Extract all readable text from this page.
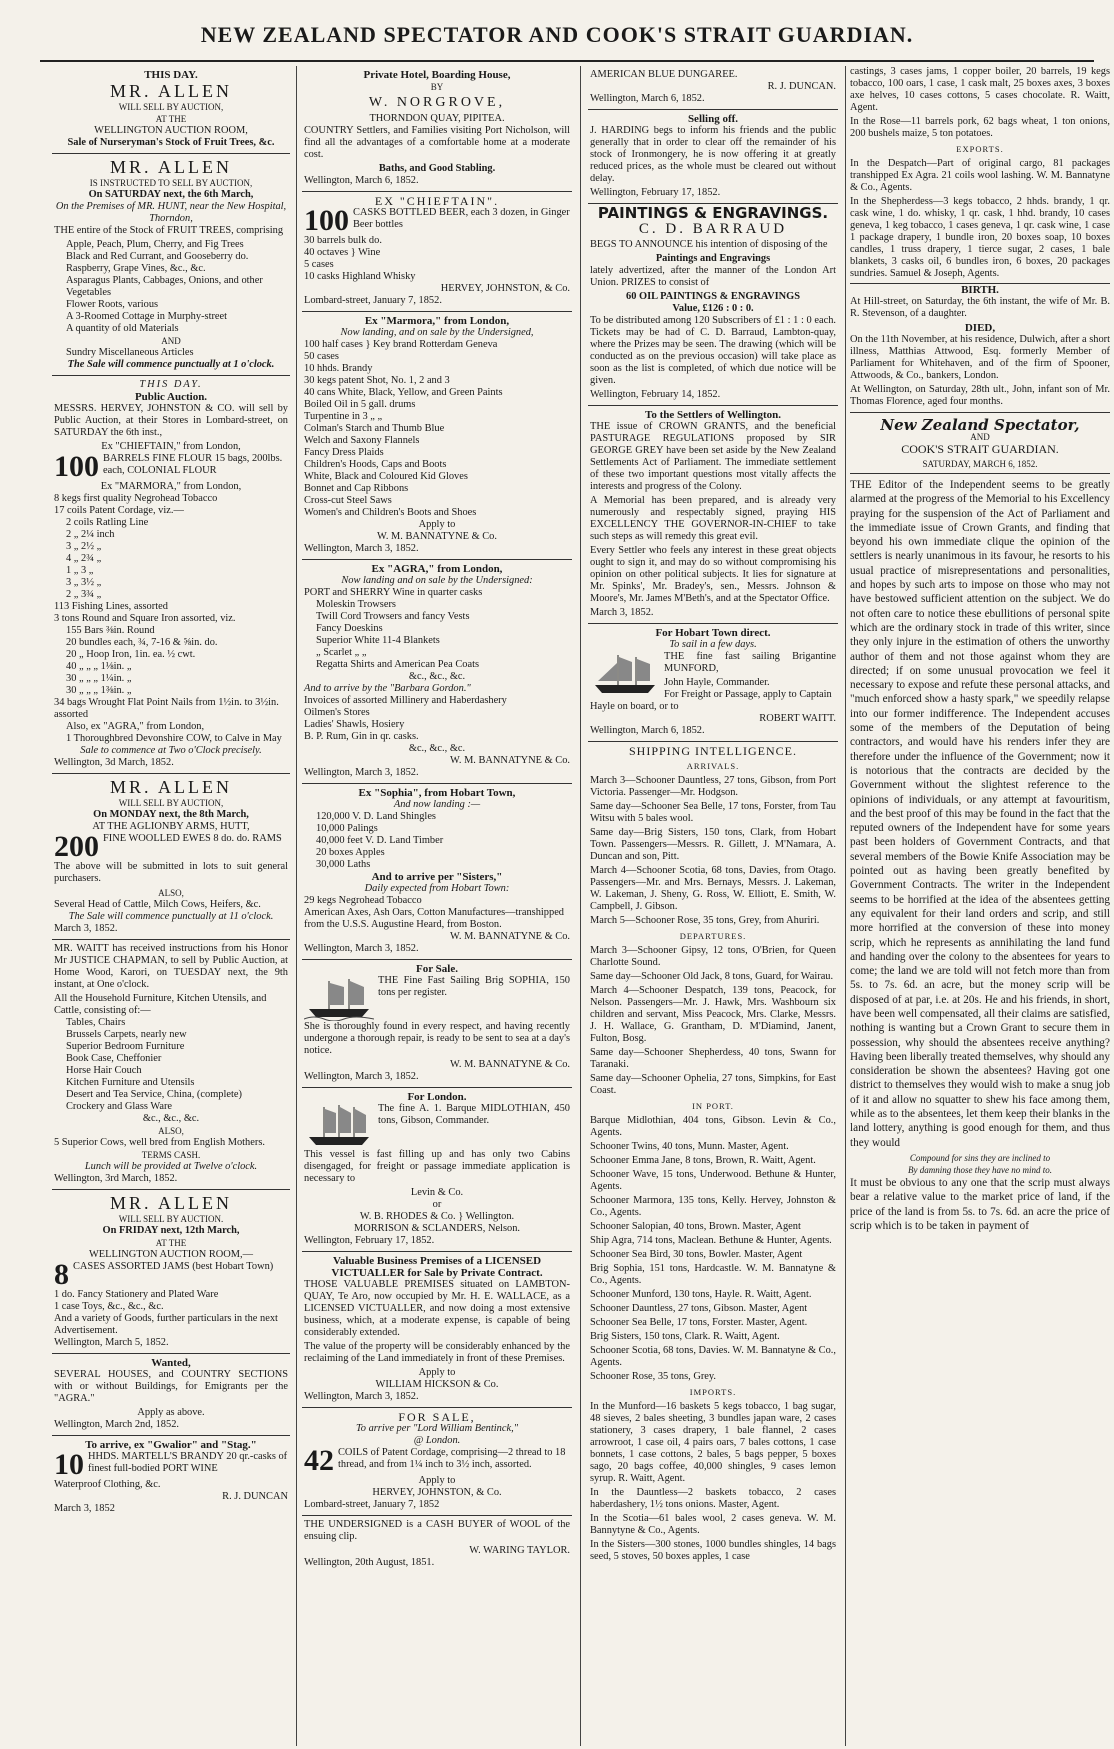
NEW ZEALAND SPECTATOR AND COOK'S STRAIT GUARDIAN.
THIS DAY.
MR. ALLEN
WILL SELL BY AUCTION,
AT THE
WELLINGTON AUCTION ROOM,
Sale of Nurseryman's Stock of Fruit Trees, &c.
MR. ALLEN
IS INSTRUCTED TO SELL BY AUCTION,
On SATURDAY next, the 6th March,
On the Premises of MR. HUNT, near the New Hospital, Thorndon,

THE entire of the Stock of FRUIT TREES, comprising

Apple, Peach, Plum, Cherry, and Fig Trees
Black and Red Currant, and Gooseberry do.
Raspberry, Grape Vines, &c., &c.
Asparagus Plants, Cabbages, Onions, and other Vegetables
Flower Roots, various
A 3-Roomed Cottage in Murphy-street
A quantity of old Materials
AND
Sundry Miscellaneous Articles
The Sale will commence punctually at 1 o'clock.
THIS DAY.
Public Auction.

MESSRS. HERVEY, JOHNSTON & CO. will sell by Public Auction, at their Stores in Lombard-street, on SATURDAY the 6th inst.,

Ex "CHIEFTAIN," from London,
100 BARRELS FINE FLOUR 15 bags, 200lbs. each, COLONIAL FLOUR
Ex "MARMORA," from London,
8 kegs first quality Negrohead Tobacco
17 coils Patent Cordage, viz.—
2 coils Ratling Line
2 „ 2¼ inch
3 „ 2½ „
4 „ 2¾ „
1 „ 3 „
3 „ 3½ „
2 „ 3¾ „
113 Fishing Lines, assorted
3 tons Round and Square Iron assorted, viz.
155 Bars ⅜in. Round
20 bundles each, ¾, 7-16 & ⅝in. do.
20 „ Hoop Iron, 1in. ea. ½ cwt.
40 „ „ „ 1⅛in. „
30 „ „ „ 1¼in. „
30 „ „ „ 1⅜in. „
34 bags Wrought Flat Point Nails from 1½in. to 3½in. assorted
Also, ex "AGRA," from London,
1 Thoroughbred Devonshire COW, to Calve in May
Sale to commence at Two o'Clock precisely.
Wellington, 3d March, 1852.
MR. ALLEN
WILL SELL BY AUCTION,
On MONDAY next, the 8th March,
AT THE AGLIONBY ARMS, HUTT,
200 FINE WOOLLED EWES 8 do. do. RAMS

The above will be submitted in lots to suit general purchasers.

ALSO,
Several Head of Cattle, Milch Cows, Heifers, &c.
The Sale will commence punctually at 11 o'clock.
March 3, 1852.

MR. WAITT has received instructions from his Honor Mr JUSTICE CHAPMAN, to sell by Public Auction, at Home Wood, Karori, on TUESDAY next, the 9th instant, at One o'clock.

All the Household Furniture, Kitchen Utensils, and Cattle, consisting of:—
Tables, Chairs
Brussels Carpets, nearly new
Superior Bedroom Furniture
Book Case, Cheffonier
Horse Hair Couch
Kitchen Furniture and Utensils
Desert and Tea Service, China, (complete)
Crockery and Glass Ware
&c., &c., &c.
ALSO,
5 Superior Cows, well bred from English Mothers.
TERMS CASH.
Lunch will be provided at Twelve o'clock.
Wellington, 3rd March, 1852.
MR. ALLEN
WILL SELL BY AUCTION.
On FRIDAY next, 12th March,
AT THE
WELLINGTON AUCTION ROOM,—
8 CASES ASSORTED JAMS (best Hobart Town)
1 do. Fancy Stationery and Plated Ware
1 case Toys, &c., &c., &c.
And a variety of Goods, further particulars in the next Advertisement.
Wellington, March 5, 1852.
Wanted,

SEVERAL HOUSES, and COUNTRY SECTIONS with or without Buildings, for Emigrants per the "AGRA."

Apply as above.
Wellington, March 2nd, 1852.
To arrive, ex "Gwalior" and "Stag."
10 HHDS. MARTELL'S BRANDY 20 qr.-casks of finest full-bodied PORT WINE
Waterproof Clothing, &c.
R. J. DUNCAN
March 3, 1852
Private Hotel, Boarding House,
BY
W. NORGROVE,
THORNDON QUAY, PIPITEA.

COUNTRY Settlers, and Families visiting Port Nicholson, will find all the advantages of a comfortable home at a moderate cost.

Baths, and Good Stabling.
Wellington, March 6, 1852.
EX "CHIEFTAIN".
100 CASKS BOTTLED BEER, each 3 dozen, in Ginger Beer bottles
30 barrels bulk do.
40 octaves } Wine
5 cases
10 casks Highland Whisky
HERVEY, JOHNSTON, & Co.
Lombard-street, January 7, 1852.
Ex "Marmora," from London,
Now landing, and on sale by the Undersigned,
100 half cases } Key brand Rotterdam Geneva
50 cases
10 hhds. Brandy
30 kegs patent Shot, No. 1, 2 and 3
40 cans White, Black, Yellow, and Green Paints
Boiled Oil in 5 gall. drums
Turpentine in 3 „ „
Colman's Starch and Thumb Blue
Welch and Saxony Flannels
Fancy Dress Plaids
Children's Hoods, Caps and Boots
White, Black and Coloured Kid Gloves
Bonnet and Cap Ribbons
Cross-cut Steel Saws
Women's and Children's Boots and Shoes
Apply to
W. M. BANNATYNE & Co.
Wellington, March 3, 1852.
Ex "AGRA," from London,
Now landing and on sale by the Undersigned:
PORT and SHERRY Wine in quarter casks
Moleskin Trowsers
Twill Cord Trowsers and fancy Vests
Fancy Doeskins
Superior White 11-4 Blankets
„ Scarlet „ „
Regatta Shirts and American Pea Coats
&c., &c., &c.
And to arrive by the "Barbara Gordon."
Invoices of assorted Millinery and Haberdashery
Oilmen's Stores
Ladies' Shawls, Hosiery
B. P. Rum, Gin in qr. casks.
&c., &c., &c.
W. M. BANNATYNE & Co.
Wellington, March 3, 1852.
Ex "Sophia", from Hobart Town,
And now landing :—
120,000 V. D. Land Shingles
10,000 Palings
40,000 feet V. D. Land Timber
20 boxes Apples
30,000 Laths
And to arrive per "Sisters,"
Daily expected from Hobart Town:
29 kegs Negrohead Tobacco
American Axes, Ash Oars, Cotton Manufactures—transhipped from the U.S.S. Augustine Heard, from Boston.
W. M. BANNATYNE & Co.
Wellington, March 3, 1852.
For Sale.

THE Fine Fast Sailing Brig SOPHIA, 150 tons per register.

She is thoroughly found in every respect, and having recently undergone a thorough repair, is ready to be sent to sea at a day's notice.

W. M. BANNATYNE & Co.
Wellington, March 3, 1852.
For London.

The fine A. 1. Barque MIDLOTHIAN, 450 tons, Gibson, Commander.

This vessel is fast filling up and has only two Cabins disengaged, for freight or passage immediate application is necessary to

Levin & Co.
or
W. B. RHODES & Co. } Wellington.
MORRISON & SCLANDERS, Nelson.
Wellington, February 17, 1852.
Valuable Business Premises of a LICENSED VICTUALLER for Sale by Private Contract.

THOSE VALUABLE PREMISES situated on LAMBTON-QUAY, Te Aro, now occupied by Mr. H. E. WALLACE, as a LICENSED VICTUALLER, and now doing a most extensive business, which, at a moderate expense, is capable of being considerably extended.

The value of the property will be considerably enhanced by the reclaiming of the Land immediately in front of these Premises.

Apply to
WILLIAM HICKSON & Co.
Wellington, March 3, 1852.
FOR SALE,
To arrive per "Lord William Bentinck,"
@ London.
42 COILS of Patent Cordage, comprising—2 thread to 18 thread, and from 1¼ inch to 3½ inch, assorted.
Apply to
HERVEY, JOHNSTON, & Co.
Lombard-street, January 7, 1852

THE UNDERSIGNED is a CASH BUYER of WOOL of the ensuing clip.

W. WARING TAYLOR.
Wellington, 20th August, 1851.
AMERICAN BLUE DUNGAREE.
R. J. DUNCAN.
Wellington, March 6, 1852.
Selling off.

J. HARDING begs to inform his friends and the public generally that in order to clear off the remainder of his stock of Ironmongery, he is now offering it at greatly reduced prices, as the whole must be cleared out without delay.

Wellington, February 17, 1852.
PAINTINGS & ENGRAVINGS.
C. D. BARRAUD

BEGS TO ANNOUNCE his intention of disposing of the

Paintings and Engravings

lately advertized, after the manner of the London Art Union. PRIZES to consist of

60 OIL PAINTINGS & ENGRAVINGS
Value, £126 : 0 : 0.

To be distributed among 120 Subscribers of £1 : 1 : 0 each. Tickets may be had of C. D. Barraud, Lambton-quay, where the Prizes may be seen. The drawing (which will be conducted as on the previous occasion) will take place as soon as the list is completed, of which due notice will be given.

Wellington, February 14, 1852.
To the Settlers of Wellington.

THE issue of CROWN GRANTS, and the beneficial PASTURAGE REGULATIONS proposed by SIR GEORGE GREY have been set aside by the New Zealand Settlements Act of Parliament. The immediate settlement of these two important questions most vitally affects the interests and progress of the Colony.

A Memorial has been prepared, and is already very numerously and respectably signed, praying HIS EXCELLENCY THE GOVERNOR-IN-CHIEF to take such steps as will remedy this great evil.

Every Settler who feels any interest in these great objects ought to sign it, and may do so without compromising his opinion on other political subjects. It lies for signature at Mr. Spinks', Mr. Bradey's, sen., Messrs. Johnson & Moore's, Mr. James M'Beth's, and at the Spectator Office.

March 3, 1852.
For Hobart Town direct.
To sail in a few days.

THE fine fast sailing Brigantine MUNFORD,

John Hayle, Commander.
For Freight or Passage, apply to Captain Hayle on board, or to
ROBERT WAITT.
Wellington, March 6, 1852.
SHIPPING INTELLIGENCE.
ARRIVALS.

March 3—Schooner Dauntless, 27 tons, Gibson, from Port Victoria. Passenger—Mr. Hodgson.

Same day—Schooner Sea Belle, 17 tons, Forster, from Tau Witsu with 5 bales wool.

Same day—Brig Sisters, 150 tons, Clark, from Hobart Town. Passengers—Messrs. R. Gillett, J. M'Namara, A. Duncan and son, Pitt.

March 4—Schooner Scotia, 68 tons, Davies, from Otago. Passengers—Mr. and Mrs. Bernays, Messrs. J. Lakeman, W. Lakeman, J. Sheny, G. Ross, W. Elliott, E. Smith, W. Campbell, J. Gibson.

March 5—Schooner Rose, 35 tons, Grey, from Ahuriri.

DEPARTURES.

March 3—Schooner Gipsy, 12 tons, O'Brien, for Queen Charlotte Sound.

Same day—Schooner Old Jack, 8 tons, Guard, for Wairau.

March 4—Schooner Despatch, 139 tons, Peacock, for Nelson. Passengers—Mr. J. Hawk, Mrs. Washbourn six children and servant, Miss Peacock, Mrs. Clarke, Messrs. J. H. Wallace, G. Grantham, D. M'Diamind, Janent, Fulton, Bosg.

Same day—Schooner Shepherdess, 40 tons, Swann for Taranaki.

Same day—Schooner Ophelia, 27 tons, Simpkins, for East Coast.

IN PORT.

Barque Midlothian, 404 tons, Gibson. Levin & Co., Agents.

Schooner Twins, 40 tons, Munn. Master, Agent.

Schooner Emma Jane, 8 tons, Brown, R. Waitt, Agent.

Schooner Wave, 15 tons, Underwood. Bethune & Hunter, Agents.

Schooner Marmora, 135 tons, Kelly. Hervey, Johnston & Co., Agents.

Schooner Salopian, 40 tons, Brown. Master, Agent

Ship Agra, 714 tons, Maclean. Bethune & Hunter, Agents.

Schooner Sea Bird, 30 tons, Bowler. Master, Agent

Brig Sophia, 151 tons, Hardcastle. W. M. Bannatyne & Co., Agents.

Schooner Munford, 130 tons, Hayle. R. Waitt, Agent.

Schooner Dauntless, 27 tons, Gibson. Master, Agent

Schooner Sea Belle, 17 tons, Forster. Master, Agent.

Brig Sisters, 150 tons, Clark. R. Waitt, Agent.

Schooner Scotia, 68 tons, Davies. W. M. Bannatyne & Co., Agents.

Schooner Rose, 35 tons, Grey.

IMPORTS.

In the Munford—16 baskets 5 kegs tobacco, 1 bag sugar, 48 sieves, 2 bales sheeting, 3 bundles japan ware, 2 cases stationery, 3 cases drapery, 1 bale flannel, 2 cases arrowroot, 1 case oil, 4 pairs oars, 7 bales cottons, 1 case bonnets, 1 case cottons, 2 bales, 5 bags pepper, 5 boxes sago, 20 bags coffee, 40,000 shingles, 9 cases lemon syrup. R. Waitt, Agent.

In the Dauntless—2 baskets tobacco, 2 cases haberdashery, 1½ tons onions. Master, Agent.

In the Scotia—61 bales wool, 2 cases geneva. W. M. Bannytyne & Co., Agents.

In the Sisters—300 stones, 1000 bundles shingles, 14 bags seed, 5 stoves, 50 boxes apples, 1 case

castings, 3 cases jams, 1 copper boiler, 20 barrels, 19 kegs tobacco, 100 oars, 1 case, 1 cask malt, 25 boxes axes, 3 boxes axe helves, 10 cases cottons, 5 cases chocolate. R. Waitt, Agent.

In the Rose—11 barrels pork, 62 bags wheat, 1 ton onions, 200 bushels maize, 5 ton potatoes.

EXPORTS.

In the Despatch—Part of original cargo, 81 packages transhipped Ex Agra. 21 coils wool lashing. W. M. Bannatyne & Co., Agents.

In the Shepherdess—3 kegs tobacco, 2 hhds. brandy, 1 qr. cask wine, 1 do. whisky, 1 qr. cask, 1 hhd. brandy, 10 cases geneva, 1 keg tobacco, 1 cases geneva, 1 qr. cask wine, 1 case 1 package drapery, 1 bundle iron, 20 boxes soap, 10 boxes candles, 1 truss drapery, 1 tierce sugar, 2 cases, 1 bale blankets, 3 casks oil, 6 bundles iron, 6 boxes, 20 packages sundries. Samuel & Joseph, Agents.

BIRTH.

At Hill-street, on Saturday, the 6th instant, the wife of Mr. B. R. Stevenson, of a daughter.

DIED,

On the 11th November, at his residence, Dulwich, after a short illness, Matthias Attwood, Esq. formerly Member of Parliament for Whitehaven, and of the firm of Spooner, Attwoods, & Co., bankers, London.

At Wellington, on Saturday, 28th ult., John, infant son of Mr. Thomas Florence, aged four months.

New Zealand Spectator,
AND
COOK'S STRAIT GUARDIAN.
SATURDAY, MARCH 6, 1852.

THE Editor of the Independent seems to be greatly alarmed at the progress of the Memorial to his Excellency praying for the suspension of the Act of Parliament and the immediate issue of Crown Grants, and finding that beyond his own immediate clique the opinion of the settlers is nearly unanimous in its favour, he resorts to his usual practice of misrepresentations and personalities, and hopes by such arts to impose on those who may not have bestowed sufficient attention on the subject. We do not often care to notice these ebullitions of personal spite which are the ordinary stock in trade of this writer, since they only injure in the estimation of others the unworthy author of them and not those against whom they are directed; if on some unusual provocation we feel it necessary to expose and refute these personal attacks, and "much enforced show a hasty spark," we speedily relapse into our former indifference. The Independent accuses some of the members of the Deputation of being contractors, and would have his renders infer they are therefore under the influence of the Government; now it is notorious that the contracts are decided by the Government without the slightest reference to the opinions of individuals, or any attempt at favouritism, and the best proof of this may be found in the fact that the reputed owners of the Independent have for some years past been holders of Government Contracts, and that several members of the Bowie Knife Association may be pointed out as having been greatly benefited by Government Contracts. The writer in the Independent seems to be horrified at the idea of the absentees getting any equivalent for their land orders and scrip, and still more horrified at the conversion of these into money scrip, which he represents as annihilating the land fund and handing over the colony to the absentees for years to come; the land we are told will not fetch more than from 5s. to 7s. 6d. an acre, but the money scrip will be disposed of at par, i.e. at 20s. He and his friends, in short, have been well compensated, all their claims are satisfied, nothing is wanting but a Crown Grant to secure them in possession, why should the absentees receive anything? Having been liberally treated themselves, why should any consideration be shown the absentees? Having got one district to themselves they would wish to make a snug job of it and allow no squatter to shew his face among them, while as to the absentees, let them keep their blanks in the land lottery, anything is good enough for them, and thus they would

Compound for sins they are inclined to
By damning those they have no mind to.

It must be obvious to any one that the scrip must always bear a relative value to the market price of land, if the price of the land is from 5s. to 7s. 6d. an acre the price of scrip which is to be taken in payment of
